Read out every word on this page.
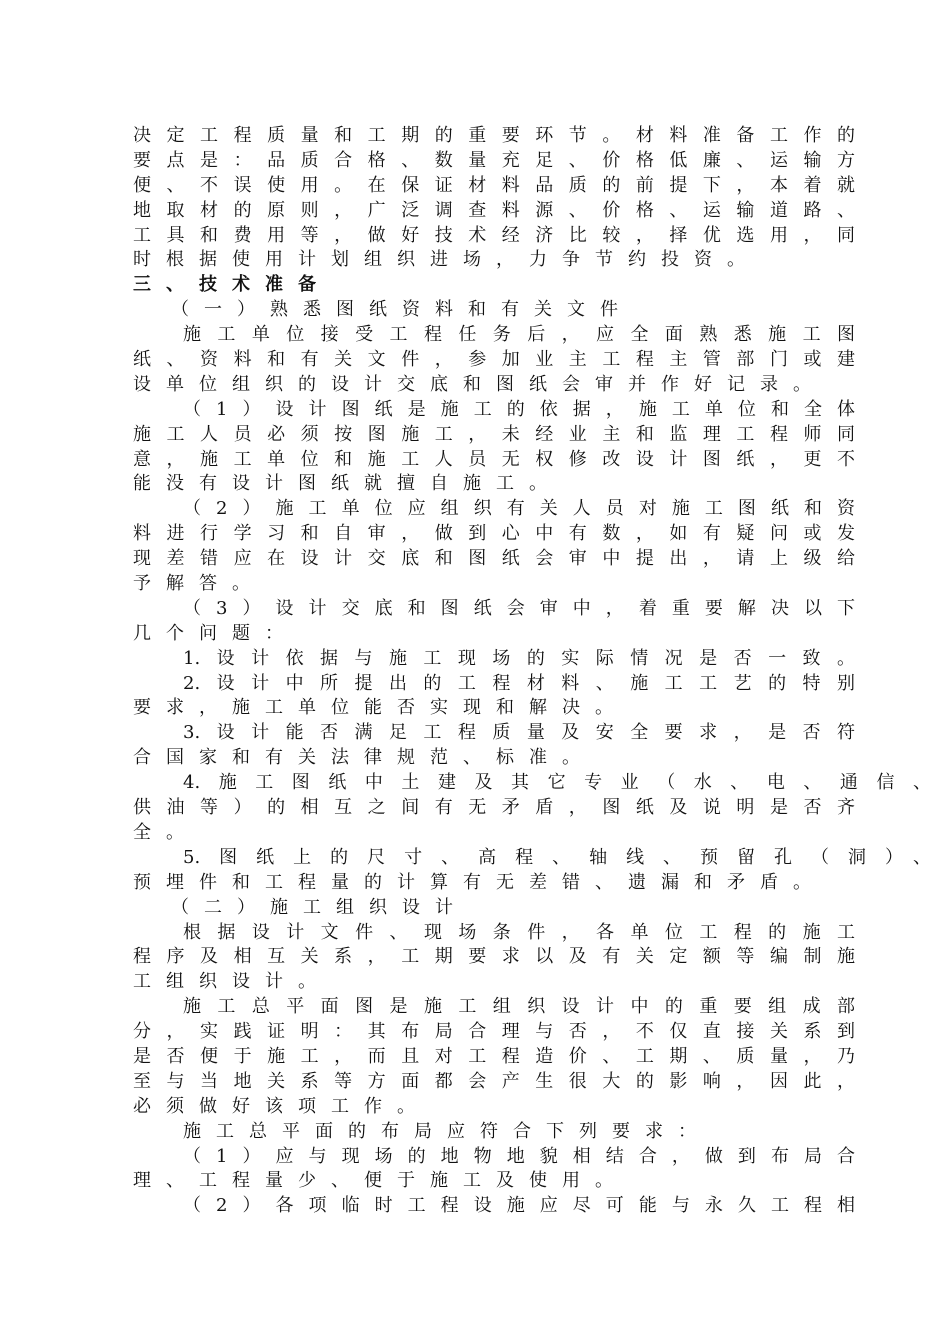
决定工程质量和工期的重要环节。材料准备工作的
要点是：品质合格、数量充足、价格低廉、运输方
便、不误使用。在保证材料品质的前提下，本着就
地取材的原则，广泛调查料源、价格、运输道路、
工具和费用等，做好技术经济比较，择优选用，同
时根据使用计划组织进场，力争节约投资。
三、技术准备
（一）熟悉图纸资料和有关文件
施工单位接受工程任务后，应全面熟悉施工图
纸、资料和有关文件，参加业主工程主管部门或建
设单位组织的设计交底和图纸会审并作好记录。
（1）设计图纸是施工的依据，施工单位和全体
施工人员必须按图施工，未经业主和监理工程师同
意，施工单位和施工人员无权修改设计图纸，更不
能没有设计图纸就擅自施工。
（2）施工单位应组织有关人员对施工图纸和资
料进行学习和自审，做到心中有数，如有疑问或发
现差错应在设计交底和图纸会审中提出，请上级给
予解答。
（3）设计交底和图纸会审中，着重要解决以下
几个问题：
1.设计依据与施工现场的实际情况是否一致。
2.设计中所提出的工程材料、施工工艺的特别
要求，施工单位能否实现和解决。
3.设计能否满足工程质量及安全要求，是否符
合国家和有关法律规范、标准。
4.施工图纸中土建及其它专业（水、电、通信、
供油等）的相互之间有无矛盾，图纸及说明是否齐
全。
5.图纸上的尺寸、高程、轴线、预留孔（洞）、
预埋件和工程量的计算有无差错、遗漏和矛盾。
（二）施工组织设计
根据设计文件、现场条件，各单位工程的施工
程序及相互关系，工期要求以及有关定额等编制施
工组织设计。
施工总平面图是施工组织设计中的重要组成部
分，实践证明：其布局合理与否，不仅直接关系到
是否便于施工，而且对工程造价、工期、质量，乃
至与当地关系等方面都会产生很大的影响，因此，
必须做好该项工作。
施工总平面的布局应符合下列要求：
（1）应与现场的地物地貌相结合，做到布局合
理、工程量少、便于施工及使用。
（2）各项临时工程设施应尽可能与永久工程相
